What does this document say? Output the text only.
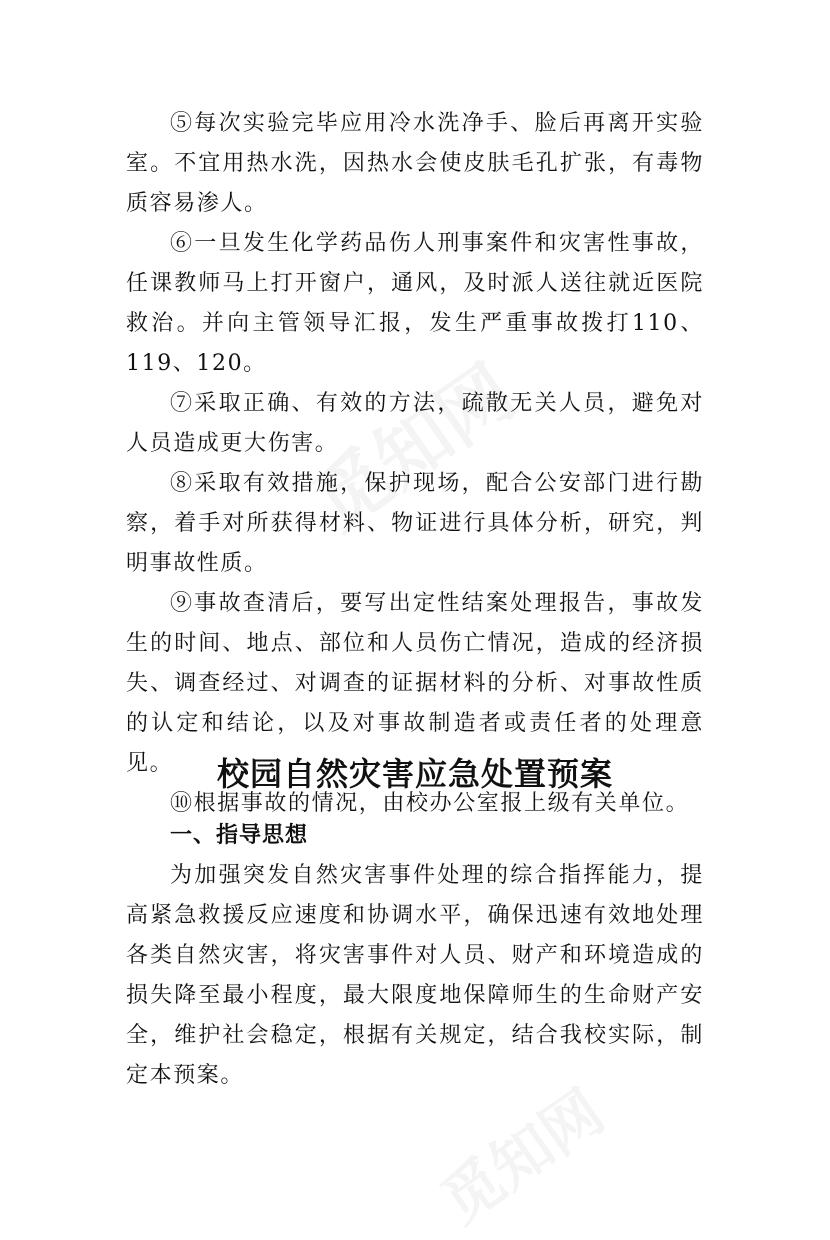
⑤每次实验完毕应用冷水洗净手、脸后再离开实验室。不宜用热水洗，因热水会使皮肤毛孔扩张，有毒物质容易渗人。

⑥一旦发生化学药品伤人刑事案件和灾害性事故，任课教师马上打开窗户，通风，及时派人送往就近医院救治。并向主管领导汇报，发生严重事故拨打110、119、120。

⑦采取正确、有效的方法，疏散无关人员，避免对人员造成更大伤害。

⑧采取有效措施，保护现场，配合公安部门进行勘察，着手对所获得材料、物证进行具体分析，研究，判明事故性质。

⑨事故查清后，要写出定性结案处理报告，事故发生的时间、地点、部位和人员伤亡情况，造成的经济损失、调查经过、对调查的证据材料的分析、对事故性质的认定和结论，以及对事故制造者或责任者的处理意见。

⑩根据事故的情况，由校办公室报上级有关单位。

校园自然灾害应急处置预案
一、指导思想

为加强突发自然灾害事件处理的综合指挥能力，提高紧急救援反应速度和协调水平，确保迅速有效地处理各类自然灾害，将灾害事件对人员、财产和环境造成的损失降至最小程度，最大限度地保障师生的生命财产安全，维护社会稳定，根据有关规定，结合我校实际，制定本预案。
